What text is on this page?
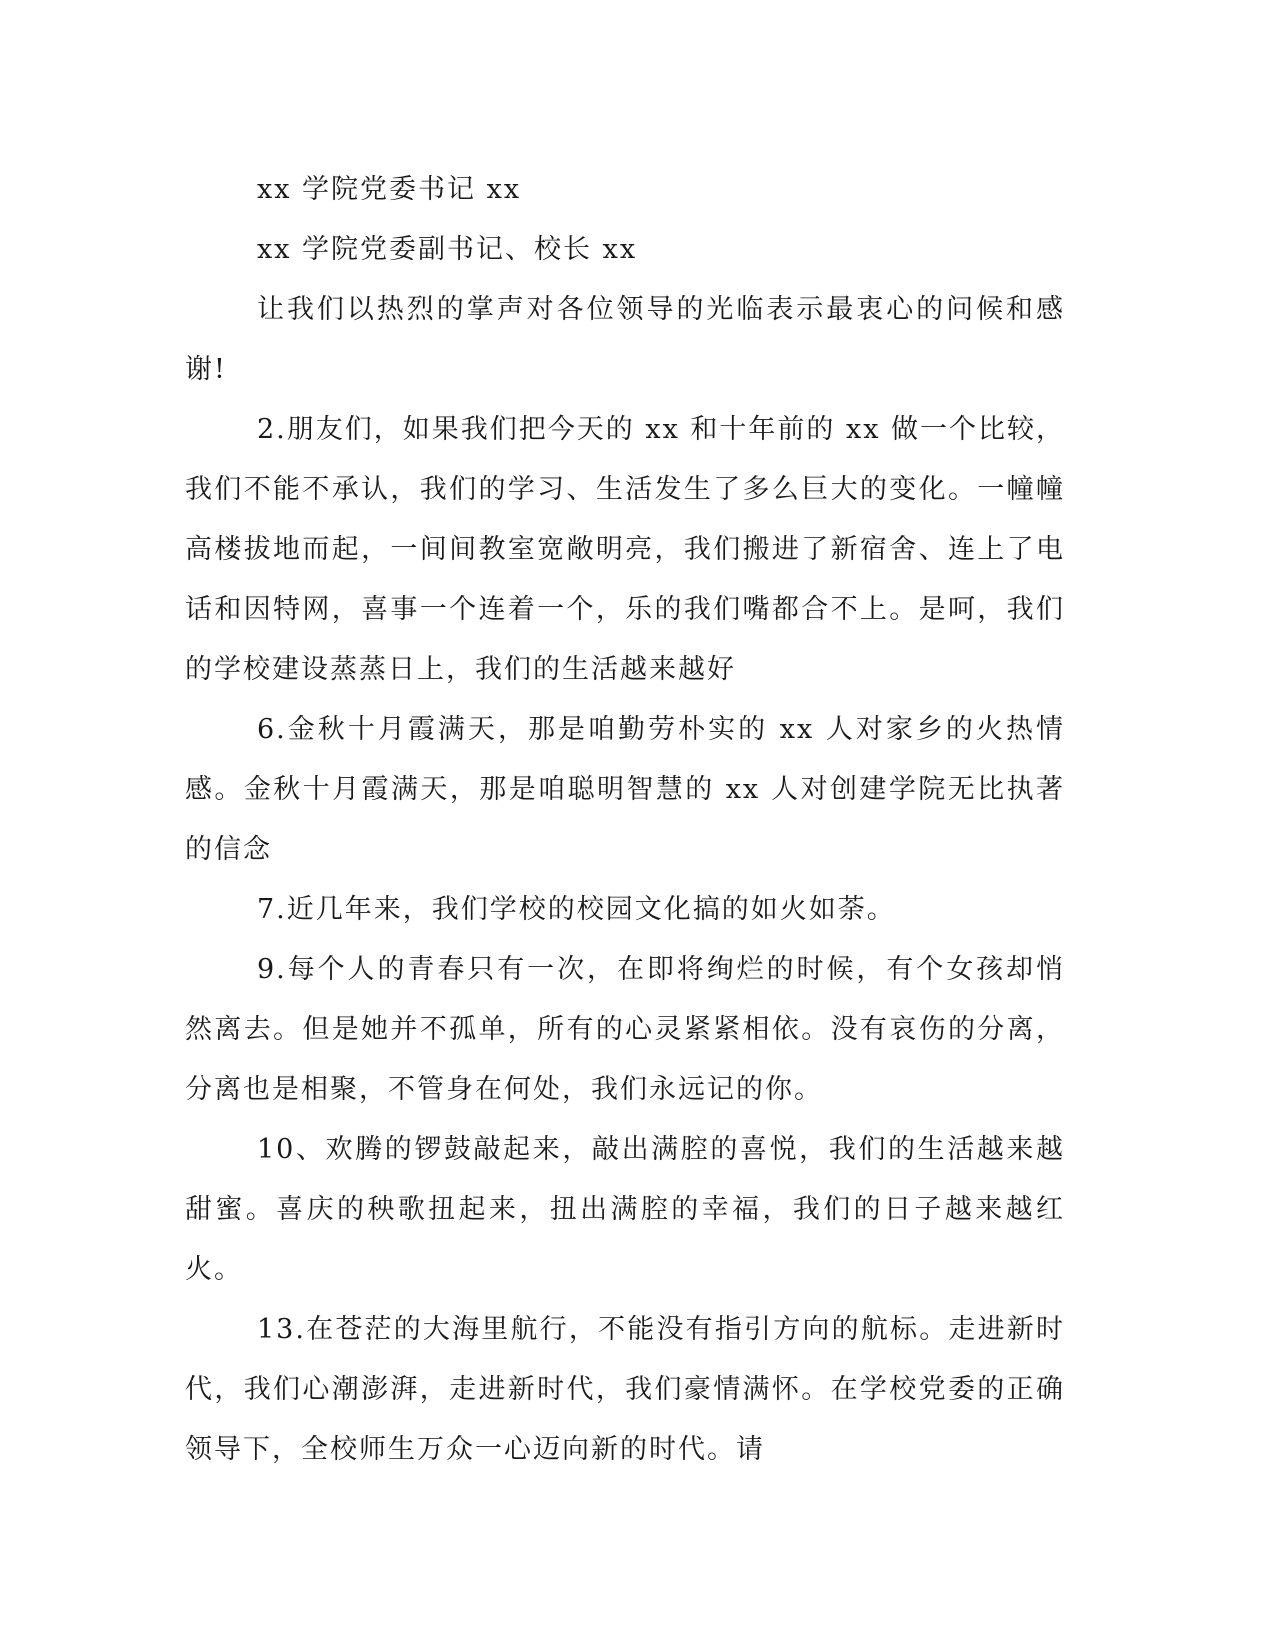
xx 学院党委书记 xx

xx 学院党委副书记、校长 xx

让我们以热烈的掌声对各位领导的光临表示最衷心的问候和感谢!

2.朋友们，如果我们把今天的 xx 和十年前的 xx 做一个比较，我们不能不承认，我们的学习、生活发生了多么巨大的变化。一幢幢高楼拔地而起，一间间教室宽敞明亮，我们搬进了新宿舍、连上了电话和因特网，喜事一个连着一个，乐的我们嘴都合不上。是呵，我们的学校建设蒸蒸日上，我们的生活越来越好

6.金秋十月霞满天，那是咱勤劳朴实的 xx 人对家乡的火热情感。金秋十月霞满天，那是咱聪明智慧的 xx 人对创建学院无比执著的信念

7.近几年来，我们学校的校园文化搞的如火如荼。

9.每个人的青春只有一次，在即将绚烂的时候，有个女孩却悄然离去。但是她并不孤单，所有的心灵紧紧相依。没有哀伤的分离，分离也是相聚，不管身在何处，我们永远记的你。

10、欢腾的锣鼓敲起来，敲出满腔的喜悦，我们的生活越来越甜蜜。喜庆的秧歌扭起来，扭出满腔的幸福，我们的日子越来越红火。

13.在苍茫的大海里航行，不能没有指引方向的航标。走进新时代，我们心潮澎湃，走进新时代，我们豪情满怀。在学校党委的正确领导下，全校师生万众一心迈向新的时代。请
